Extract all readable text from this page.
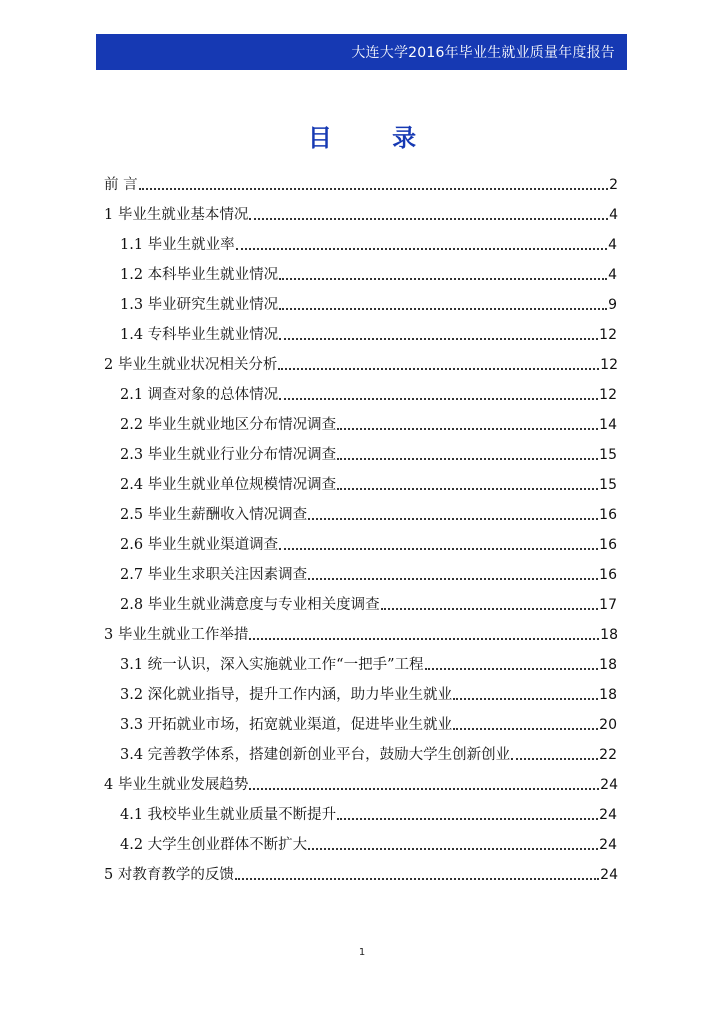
大连大学2016年毕业生就业质量年度报告
目 录
前 言	2
1 毕业生就业基本情况	4
1.1 毕业生就业率	4
1.2 本科毕业生就业情况	4
1.3 毕业研究生就业情况	9
1.4 专科毕业生就业情况	12
2 毕业生就业状况相关分析	12
2.1 调查对象的总体情况	12
2.2 毕业生就业地区分布情况调查	14
2.3 毕业生就业行业分布情况调查	15
2.4 毕业生就业单位规模情况调查	15
2.5 毕业生薪酬收入情况调查	16
2.6 毕业生就业渠道调查	16
2.7 毕业生求职关注因素调查	16
2.8 毕业生就业满意度与专业相关度调查	17
3 毕业生就业工作举措	18
3.1 统一认识，深入实施就业工作“一把手”工程	18
3.2 深化就业指导，提升工作内涵，助力毕业生就业	18
3.3 开拓就业市场，拓宽就业渠道，促进毕业生就业	20
3.4 完善教学体系，搭建创新创业平台，鼓励大学生创新创业	22
4 毕业生就业发展趋势	24
4.1 我校毕业生就业质量不断提升	24
4.2 大学生创业群体不断扩大	24
5 对教育教学的反馈	24
1
